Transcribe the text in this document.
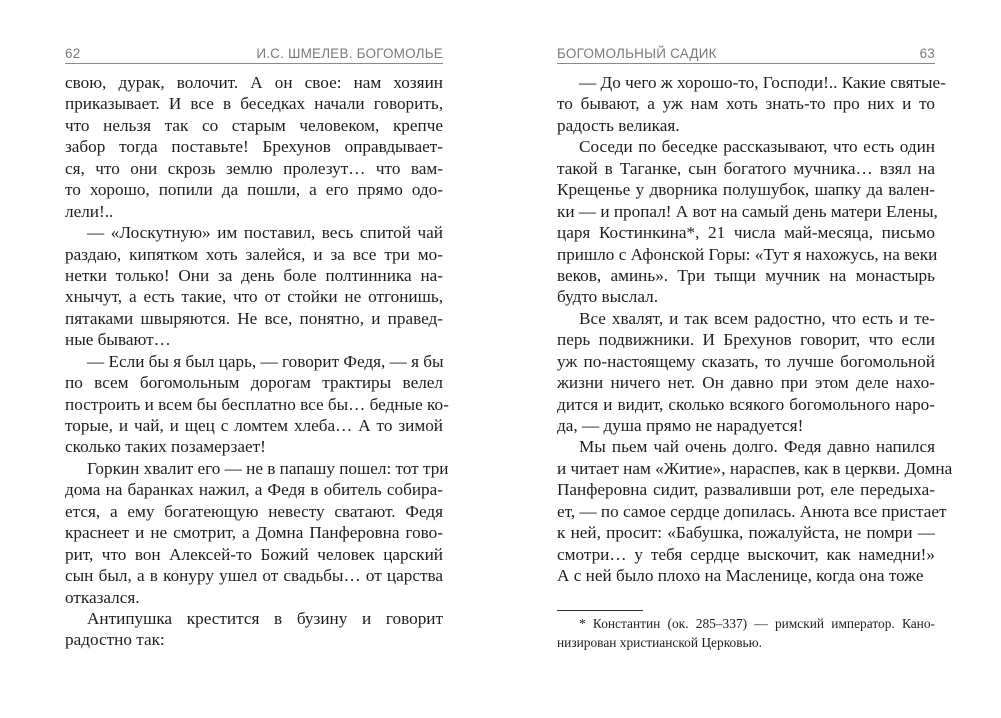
62	И.С. ШМЕЛЕВ. БОГОМОЛЬЕ
свою, дурак, волочит. А он свое: нам хозяин
приказывает. И все в беседках начали говорить,
что нельзя так со старым человеком, крепче
забор тогда поставьте! Брехунов оправдывает-
ся, что они скрозь землю пролезут… что вам-
то хорошо, попили да пошли, а его прямо одо-
лели!..
— «Лоскутную» им поставил, весь спитой чай
раздаю, кипятком хоть залейся, и за все три мо-
нетки только! Они за день боле полтинника на-
хнычут, а есть такие, что от стойки не отгонишь,
пятаками швыряются. Не все, понятно, и правед-
ные бывают…
— Если бы я был царь, — говорит Федя, — я бы
по всем богомольным дорогам трактиры велел
построить и всем бы бесплатно все бы… бедные ко-
торые, и чай, и щец с ломтем хлеба… А то зимой
сколько таких позамерзает!
Горкин хвалит его — не в папашу пошел: тот три
дома на баранках нажил, а Федя в обитель собира-
ется, а ему богатеющую невесту сватают. Федя
краснеет и не смотрит, а Домна Панферовна гово-
рит, что вон Алексей-то Божий человек царский
сын был, а в конуру ушел от свадьбы… от царства
отказался.
Антипушка крестится в бузину и говорит
радостно так:
БОГОМОЛЬНЫЙ САДИК	63
— До чего ж хорошо-то, Господи!.. Какие святые-
то бывают, а уж нам хоть знать-то про них и то
радость великая.
Соседи по беседке рассказывают, что есть один
такой в Таганке, сын богатого мучника… взял на
Крещенье у дворника полушубок, шапку да вален-
ки — и пропал! А вот на самый день матери Елены,
царя Костинкина*, 21 числа май-месяца, письмо
пришло с Афонской Горы: «Тут я нахожусь, на веки
веков, аминь». Три тыщи мучник на монастырь
будто выслал.
Все хвалят, и так всем радостно, что есть и те-
перь подвижники. И Брехунов говорит, что если
уж по-настоящему сказать, то лучше богомольной
жизни ничего нет. Он давно при этом деле нахо-
дится и видит, сколько всякого богомольного наро-
да, — душа прямо не нарадуется!
Мы пьем чай очень долго. Федя давно напился
и читает нам «Житие», нараспев, как в церкви. Домна
Панферовна сидит, разваливши рот, еле передыха-
ет, — по самое сердце допилась. Анюта все пристает
к ней, просит: «Бабушка, пожалуйста, не помри —
смотри… у тебя сердце выскочит, как намедни!»
А с ней было плохо на Масленице, когда она тоже
* Константин (ок. 285–337) — римский император. Кано-
низирован христианской Церковью.
